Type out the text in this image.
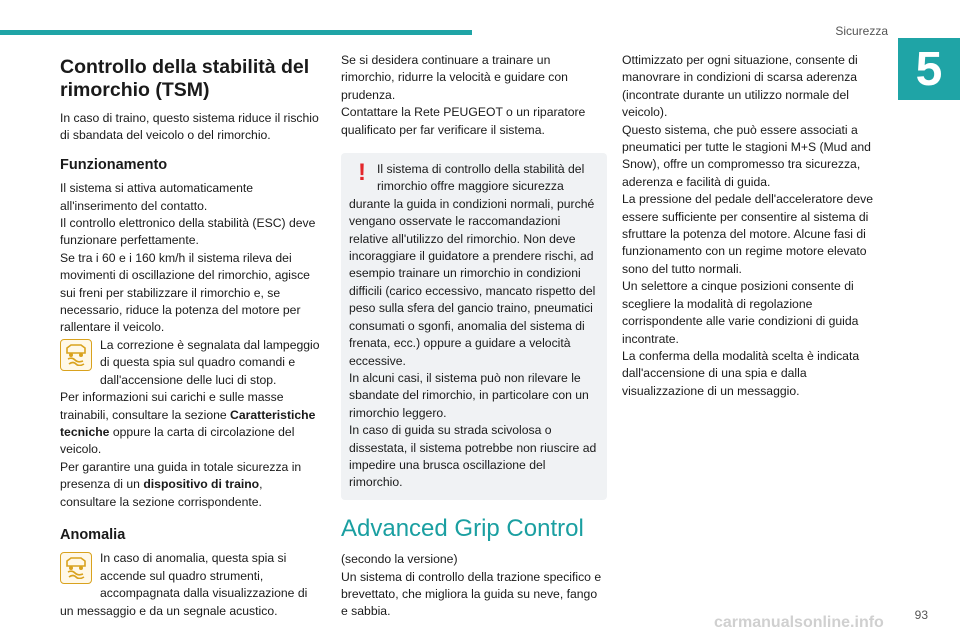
Sicurezza
5
Controllo della stabilità del rimorchio (TSM)

In caso di traino, questo sistema riduce il rischio di sbandata del veicolo o del rimorchio.

Funzionamento

Il sistema si attiva automaticamente all'inserimento del contatto.

Il controllo elettronico della stabilità (ESC) deve funzionare perfettamente.

Se tra i 60 e i 160 km/h il sistema rileva dei movimenti di oscillazione del rimorchio, agisce sui freni per stabilizzare il rimorchio e, se necessario, riduce la potenza del motore per rallentare il veicolo.

La correzione è segnalata dal lampeggio di questa spia sul quadro comandi e dall'accensione delle luci di stop.

Per informazioni sui carichi e sulle masse trainabili, consultare la sezione Caratteristiche tecniche oppure la carta di circolazione del veicolo.

Per garantire una guida in totale sicurezza in presenza di un dispositivo di traino, consultare la sezione corrispondente.

Anomalia

In caso di anomalia, questa spia si accende sul quadro strumenti, accompagnata dalla visualizzazione di un messaggio e da un segnale acustico.

Se si desidera continuare a trainare un rimorchio, ridurre la velocità e guidare con prudenza.

Contattare la Rete PEUGEOT o un riparatore qualificato per far verificare il sistema.

! Il sistema di controllo della stabilità del rimorchio offre maggiore sicurezza durante la guida in condizioni normali, purché vengano osservate le raccomandazioni relative all'utilizzo del rimorchio. Non deve incoraggiare il guidatore a prendere rischi, ad esempio trainare un rimorchio in condizioni difficili (carico eccessivo, mancato rispetto del peso sulla sfera del gancio traino, pneumatici consumati o sgonfi, anomalia del sistema di frenata, ecc.) oppure a guidare a velocità eccessive.

In alcuni casi, il sistema può non rilevare le sbandate del rimorchio, in particolare con un rimorchio leggero.

In caso di guida su strada scivolosa o dissestata, il sistema potrebbe non riuscire ad impedire una brusca oscillazione del rimorchio.

Advanced Grip Control

(secondo la versione)

Un sistema di controllo della trazione specifico e brevettato, che migliora la guida su neve, fango e sabbia.

Ottimizzato per ogni situazione, consente di manovrare in condizioni di scarsa aderenza (incontrate durante un utilizzo normale del veicolo).

Questo sistema, che può essere associati a pneumatici per tutte le stagioni M+S (Mud and Snow), offre un compromesso tra sicurezza, aderenza e facilità di guida.

La pressione del pedale dell'acceleratore deve essere sufficiente per consentire al sistema di sfruttare la potenza del motore. Alcune fasi di funzionamento con un regime motore elevato sono del tutto normali.

Un selettore a cinque posizioni consente di scegliere la modalità di regolazione corrispondente alle varie condizioni di guida incontrate.

La conferma della modalità scelta è indicata dall'accensione di una spia e dalla visualizzazione di un messaggio.

93
carmanualsonline.info
